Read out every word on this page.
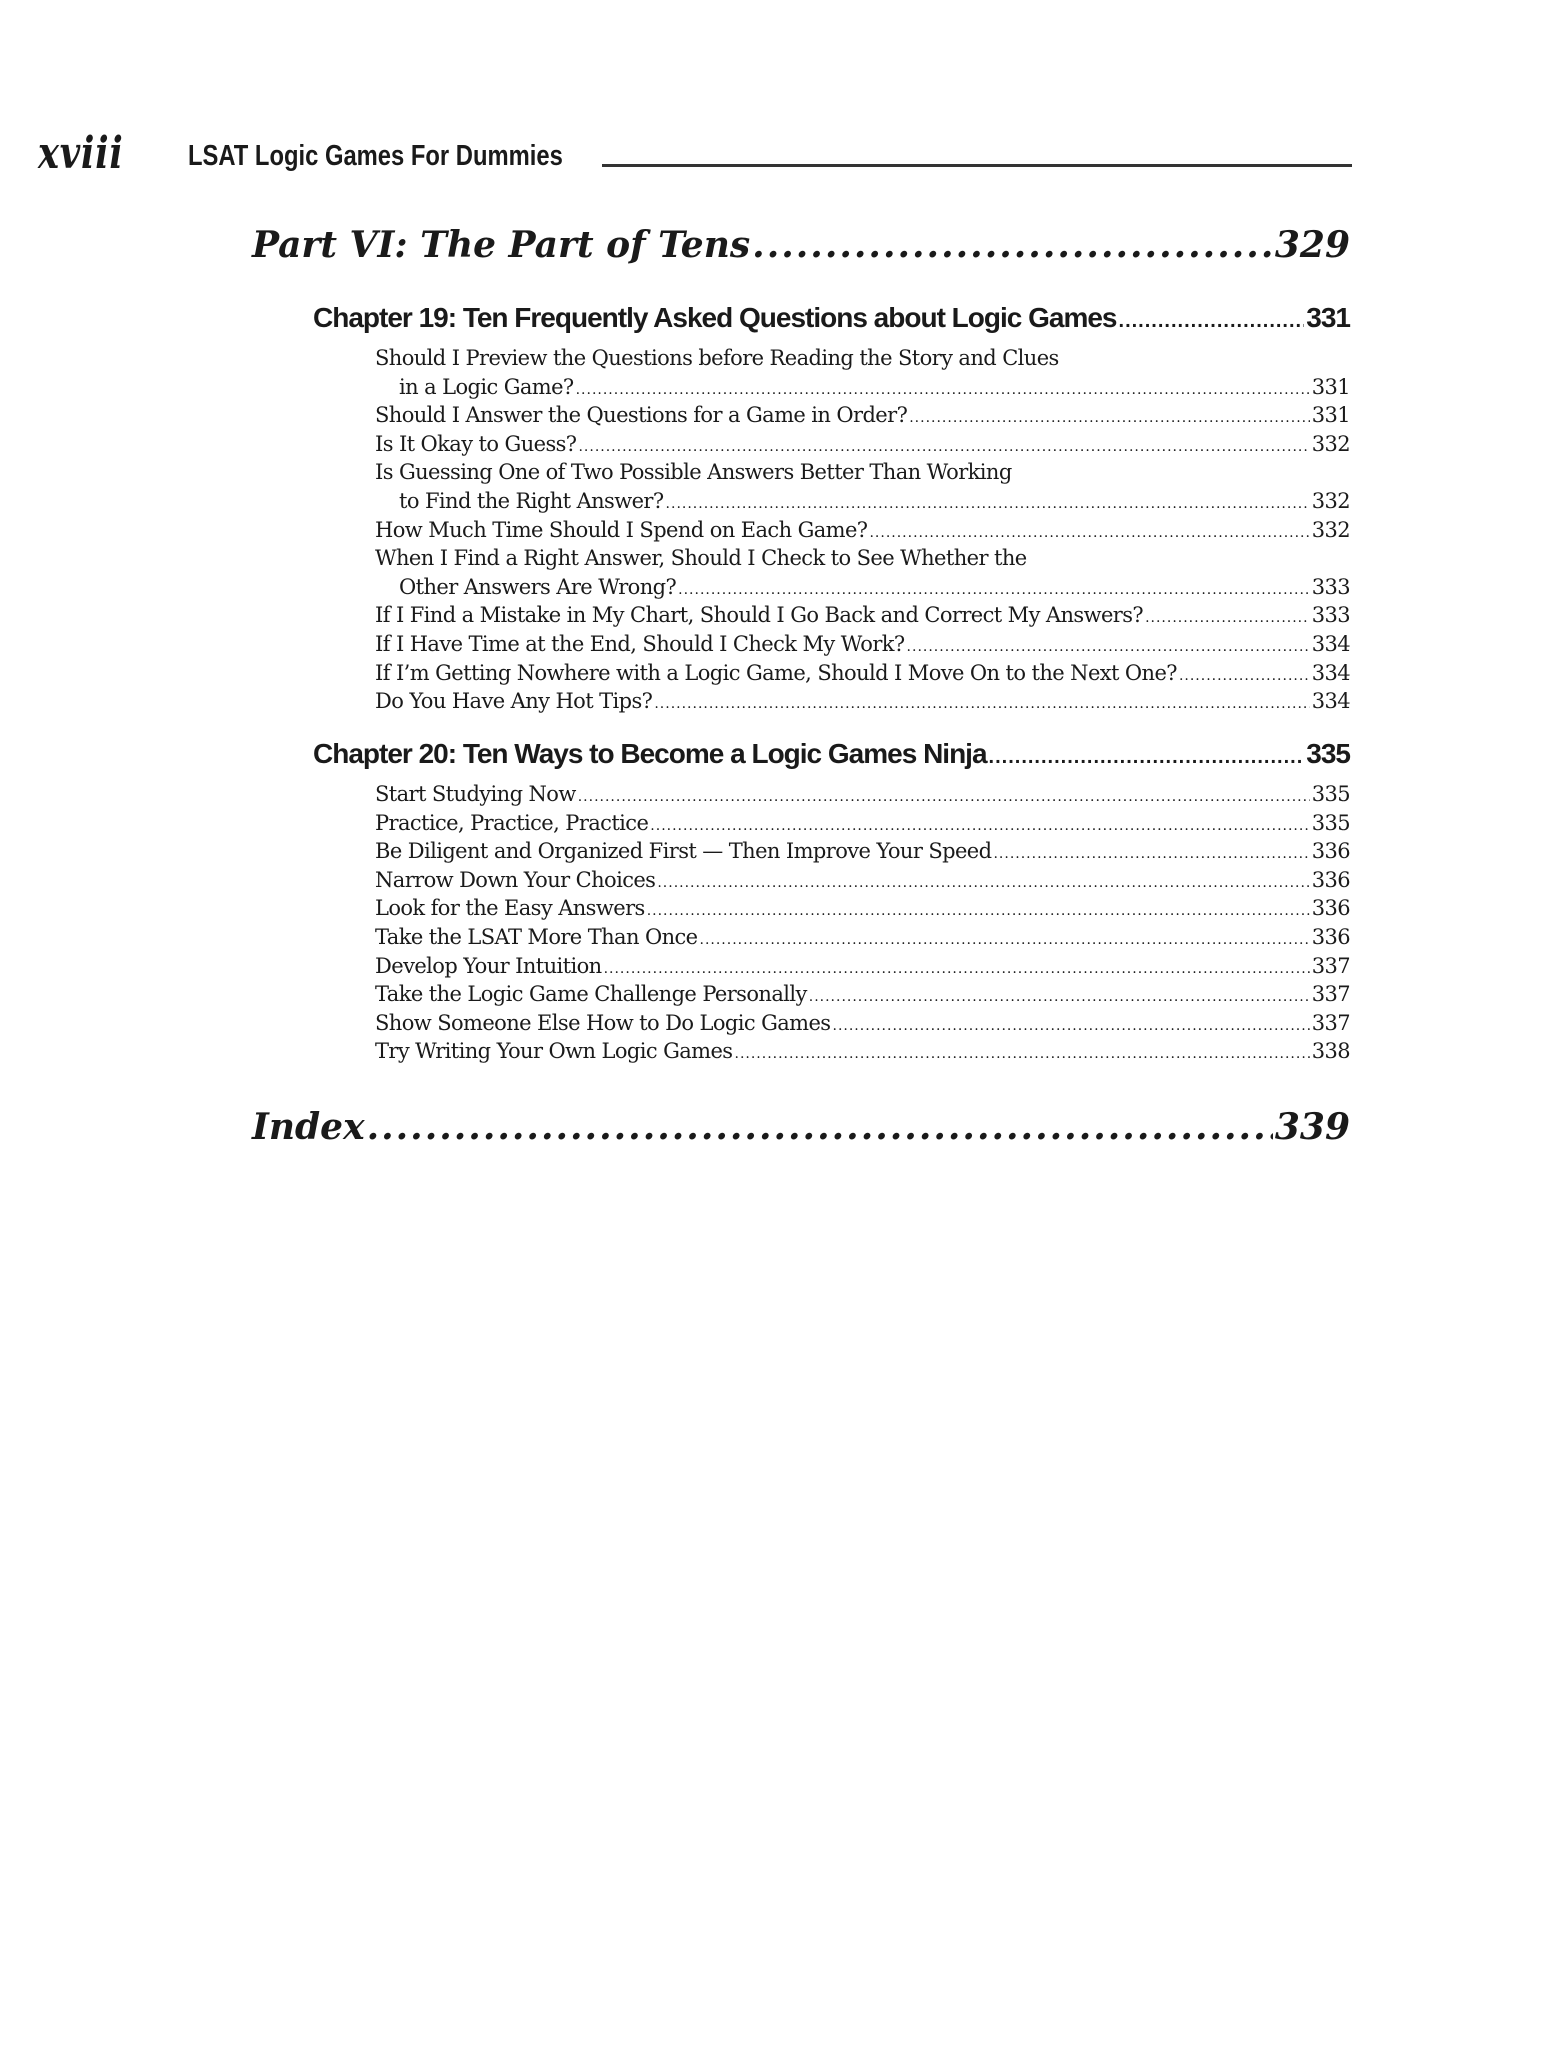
xviii LSAT Logic Games For Dummies
Part VI: The Part of Tens .....	329
Chapter 19: Ten Frequently Asked Questions about Logic Games .....	331
Should I Preview the Questions before Reading the Story and Clues
in a Logic Game? .....	331
Should I Answer the Questions for a Game in Order? .....	331
Is It Okay to Guess? .....	332
Is Guessing One of Two Possible Answers Better Than Working
to Find the Right Answer? .....	332
How Much Time Should I Spend on Each Game? .....	332
When I Find a Right Answer, Should I Check to See Whether the
Other Answers Are Wrong? .....	333
If I Find a Mistake in My Chart, Should I Go Back and Correct My Answers? .....	333
If I Have Time at the End, Should I Check My Work? .....	334
If I’m Getting Nowhere with a Logic Game, Should I Move On to the Next One? .....	334
Do You Have Any Hot Tips? .....	334
Chapter 20: Ten Ways to Become a Logic Games Ninja .....	335
Start Studying Now .....	335
Practice, Practice, Practice .....	335
Be Diligent and Organized First — Then Improve Your Speed .....	336
Narrow Down Your Choices .....	336
Look for the Easy Answers .....	336
Take the LSAT More Than Once .....	336
Develop Your Intuition .....	337
Take the Logic Game Challenge Personally .....	337
Show Someone Else How to Do Logic Games .....	337
Try Writing Your Own Logic Games .....	338
Index .....	339
